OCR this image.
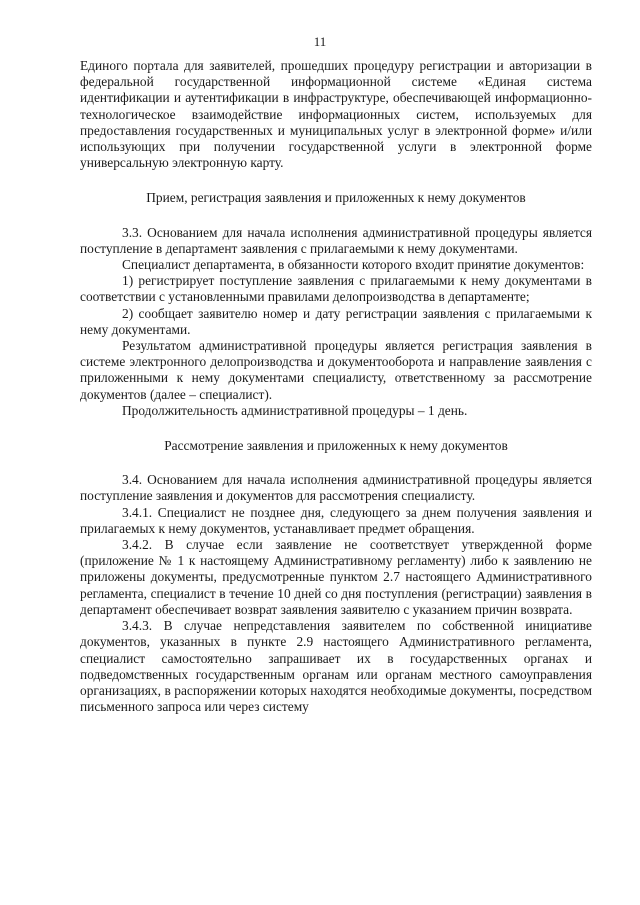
11

Единого портала для заявителей, прошедших процедуру регистрации и авторизации в федеральной государственной информационной системе «Единая система идентификации и аутентификации в инфраструктуре, обеспечивающей информационно-технологическое взаимодействие информационных систем, используемых для предоставления государственных и муниципальных услуг в электронной форме» и/или использующих при получении государственной услуги в электронной форме универсальную электронную карту.

Прием, регистрация заявления и приложенных к нему документов

3.3. Основанием для начала исполнения административной процедуры является поступление в департамент заявления с прилагаемыми к нему документами.

Специалист департамента, в обязанности которого входит принятие документов:

1) регистрирует поступление заявления с прилагаемыми к нему документами в соответствии с установленными правилами делопроизводства в департаменте;

2) сообщает заявителю номер и дату регистрации заявления с прилагаемыми к нему документами.

Результатом административной процедуры является регистрация заявления в системе электронного делопроизводства и документооборота и направление заявления с приложенными к нему документами специалисту, ответственному за рассмотрение документов (далее – специалист).

Продолжительность административной процедуры – 1 день.

Рассмотрение заявления и приложенных к нему документов

3.4. Основанием для начала исполнения административной процедуры является поступление заявления и документов для рассмотрения специалисту.

3.4.1. Специалист не позднее дня, следующего за днем получения заявления и прилагаемых к нему документов, устанавливает предмет обращения.

3.4.2. В случае если заявление не соответствует утвержденной форме (приложение № 1 к настоящему Административному регламенту) либо к заявлению не приложены документы, предусмотренные пунктом 2.7 настоящего Административного регламента, специалист в течение 10 дней со дня поступления (регистрации) заявления в департамент обеспечивает возврат заявления заявителю с указанием причин возврата.

3.4.3. В случае непредставления заявителем по собственной инициативе документов, указанных в пункте 2.9 настоящего Административного регламента, специалист самостоятельно запрашивает их в государственных органах и подведомственных государственным органам или органам местного самоуправления организациях, в распоряжении которых находятся необходимые документы, посредством письменного запроса или через систему
